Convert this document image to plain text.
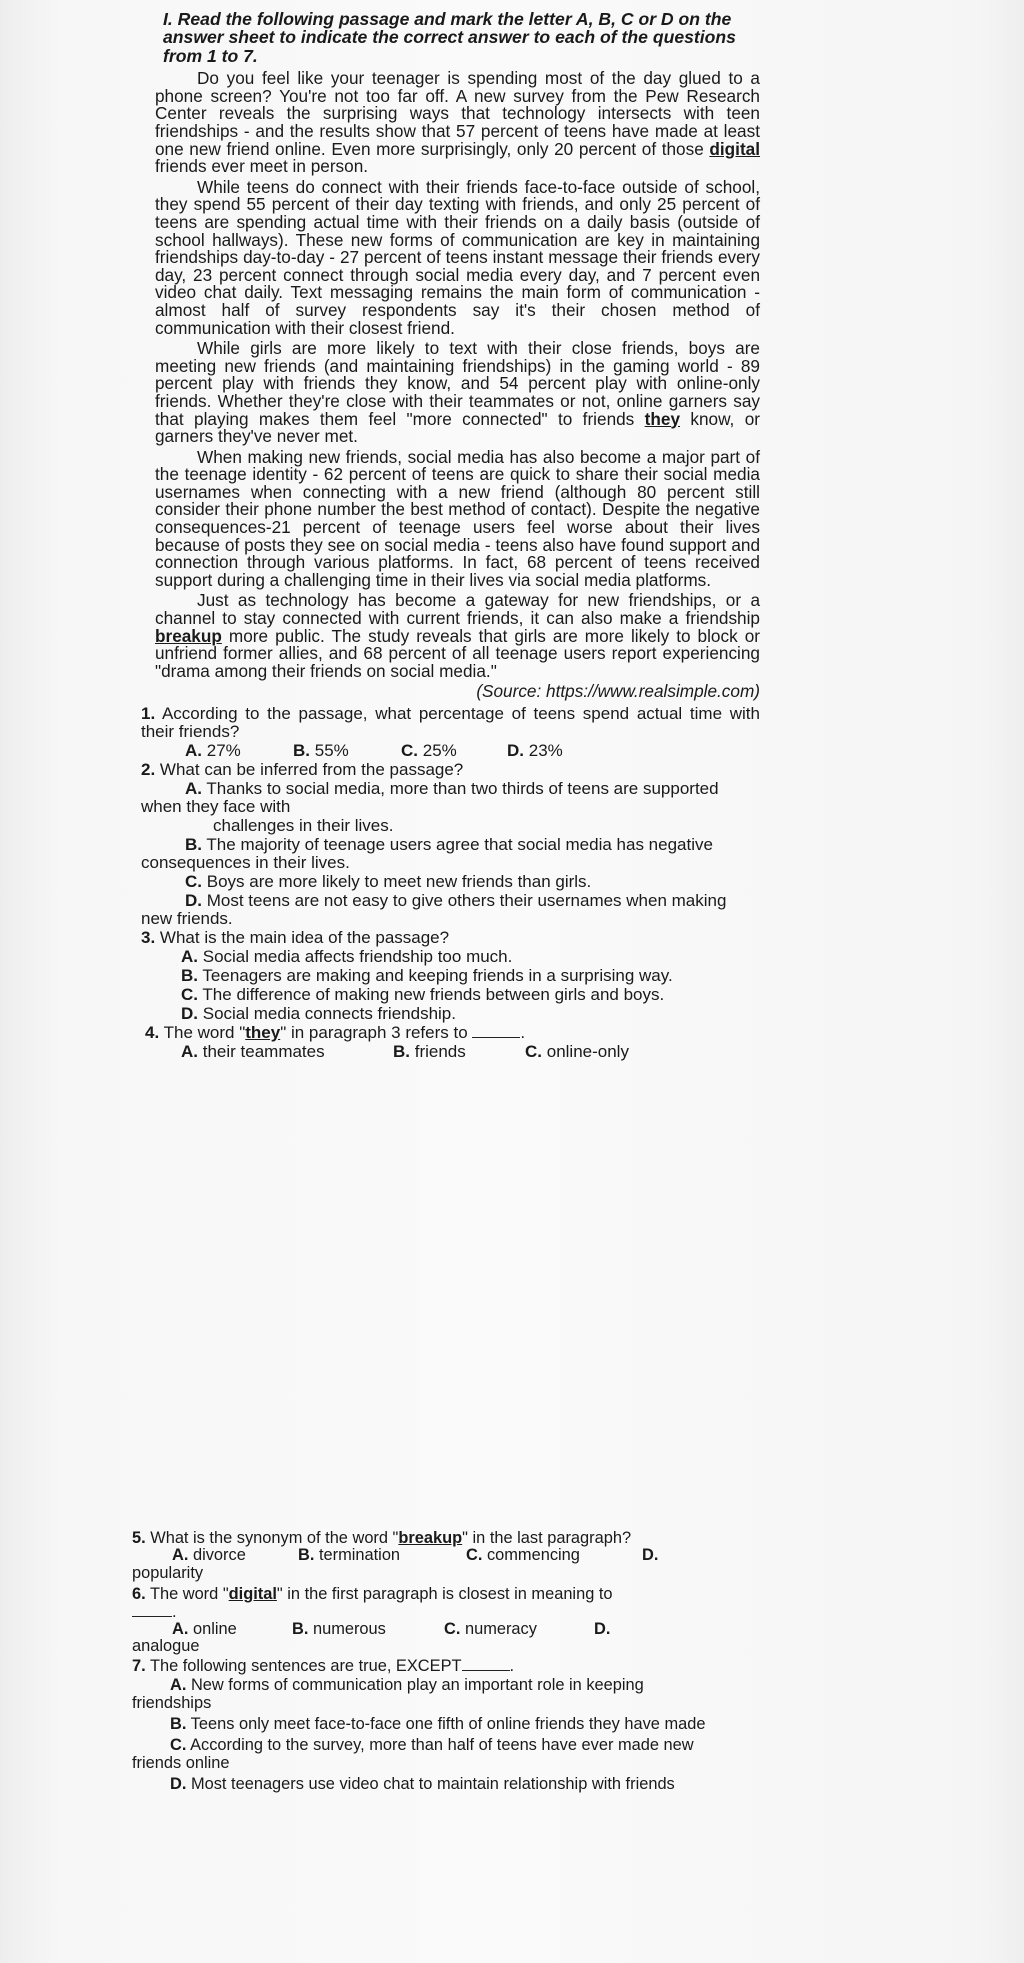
I. Read the following passage and mark the letter A, B, C or D on the answer sheet to indicate the correct answer to each of the questions from 1 to 7.

Do you feel like your teenager is spending most of the day glued to a phone screen? You're not too far off. A new survey from the Pew Research Center reveals the surprising ways that technology intersects with teen friendships - and the results show that 57 percent of teens have made at least one new friend online. Even more surprisingly, only 20 percent of those digital friends ever meet in person.

While teens do connect with their friends face-to-face outside of school, they spend 55 percent of their day texting with friends, and only 25 percent of teens are spending actual time with their friends on a daily basis (outside of school hallways). These new forms of communication are key in maintaining friendships day-to-day - 27 percent of teens instant message their friends every day, 23 percent connect through social media every day, and 7 percent even video chat daily. Text messaging remains the main form of communication - almost half of survey respondents say it's their chosen method of communication with their closest friend.

While girls are more likely to text with their close friends, boys are meeting new friends (and maintaining friendships) in the gaming world - 89 percent play with friends they know, and 54 percent play with online-only friends. Whether they're close with their teammates or not, online garners say that playing makes them feel "more connected" to friends they know, or garners they've never met.

When making new friends, social media has also become a major part of the teenage identity - 62 percent of teens are quick to share their social media usernames when connecting with a new friend (although 80 percent still consider their phone number the best method of contact). Despite the negative consequences-21 percent of teenage users feel worse about their lives because of posts they see on social media - teens also have found support and connection through various platforms. In fact, 68 percent of teens received support during a challenging time in their lives via social media platforms.

Just as technology has become a gateway for new friendships, or a channel to stay connected with current friends, it can also make a friendship breakup more public. The study reveals that girls are more likely to block or unfriend former allies, and 68 percent of all teenage users report experiencing "drama among their friends on social media."

(Source: https://www.realsimple.com)
1. According to the passage, what percentage of teens spend actual time with their friends?
A. 27%	B. 55%	C. 25%	D. 23%
2. What can be inferred from the passage?
A. Thanks to social media, more than two thirds of teens are supported when they face with
challenges in their lives.
B. The majority of teenage users agree that social media has negative consequences in their lives.
C. Boys are more likely to meet new friends than girls.
D. Most teens are not easy to give others their usernames when making new friends.
3. What is the main idea of the passage?
A. Social media affects friendship too much.
B. Teenagers are making and keeping friends in a surprising way.
C. The difference of making new friends between girls and boys.
D. Social media connects friendship.
4. The word "they" in paragraph 3 refers to	.
A. their teammates	B. friends	C. online-only
5. What is the synonym of the word "breakup" in the last paragraph?
A. divorce	B. termination	C. commencing	D.
popularity
6. The word "digital" in the first paragraph is closest in meaning to
.
A. online	B. numerous	C. numeracy	D.
analogue
7. The following sentences are true, EXCEPT	.
A. New forms of communication play an important role in keeping friendships
B. Teens only meet face-to-face one fifth of online friends they have made
C. According to the survey, more than half of teens have ever made new friends online
D. Most teenagers use video chat to maintain relationship with friends
